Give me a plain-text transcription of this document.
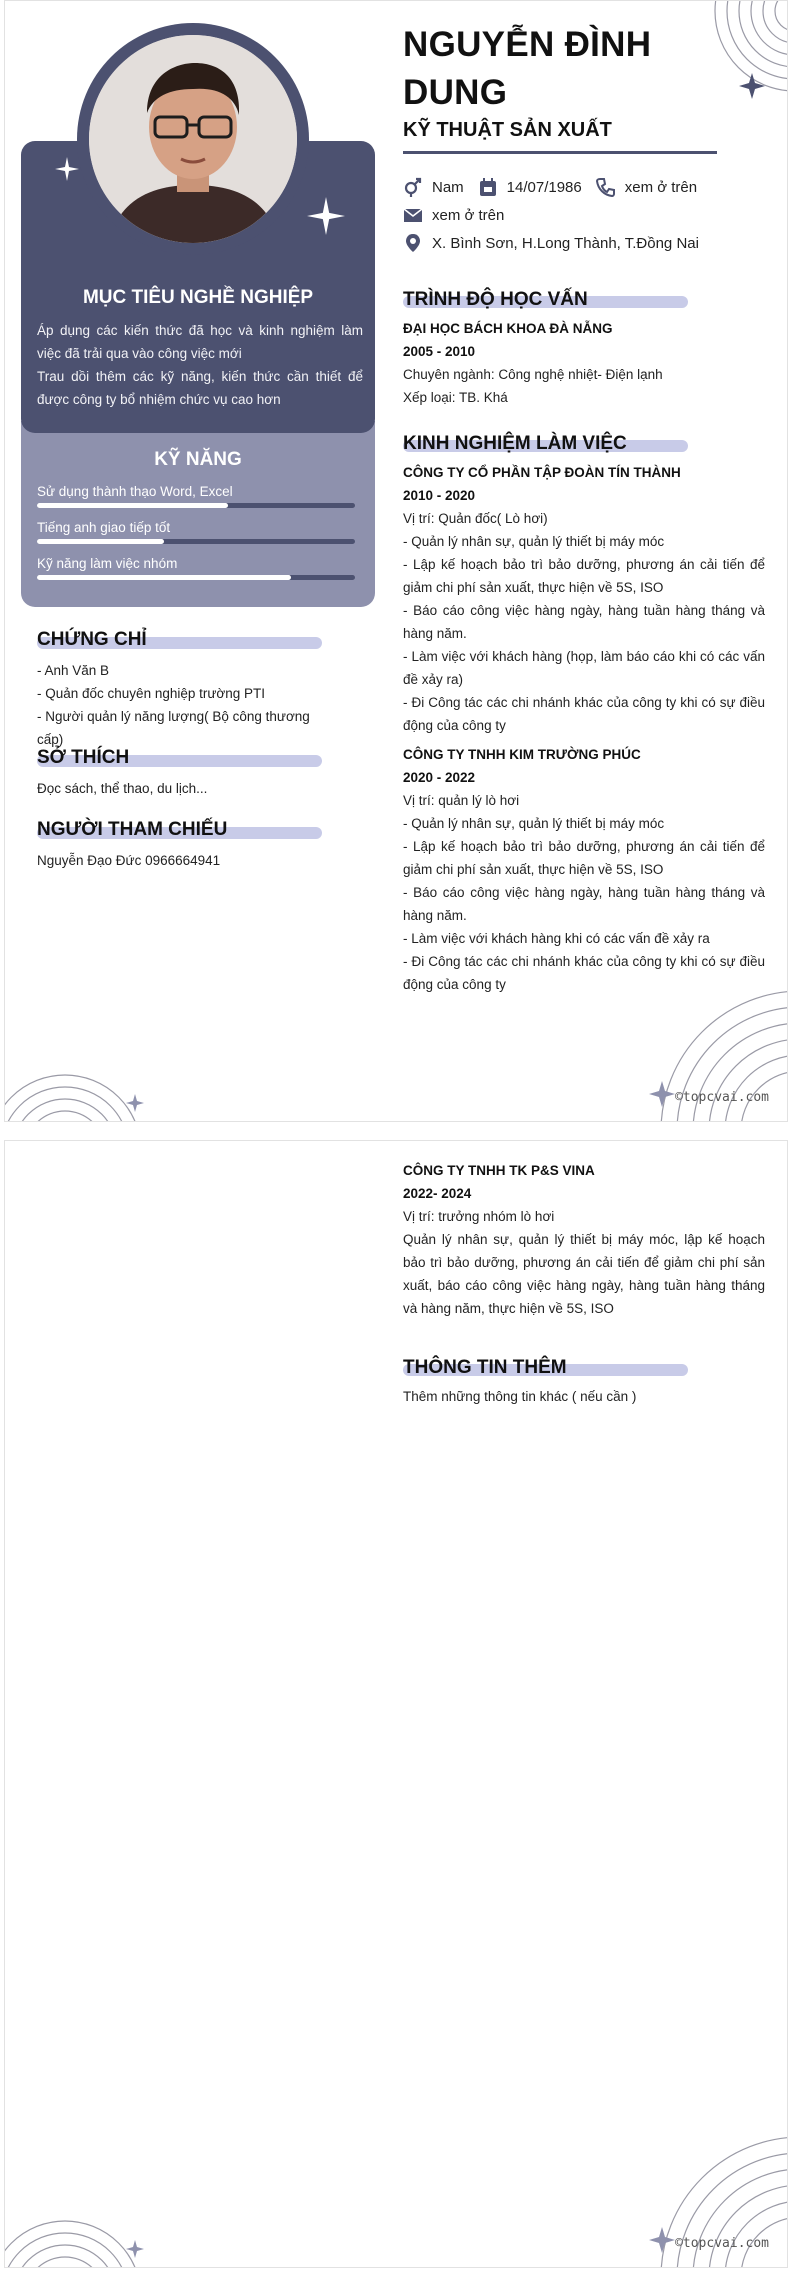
MỤC TIÊU NGHỀ NGHIỆP
Áp dụng các kiến thức đã học và kinh nghiệm làm việc đã trải qua vào công việc mới
Trau dồi thêm các kỹ năng, kiến thức cần thiết để được công ty bổ nhiệm chức vụ cao hơn
KỸ NĂNG
Sử dụng thành thạo Word, Excel
Tiếng anh giao tiếp tốt
Kỹ năng làm việc nhóm
CHỨNG CHỈ
- Anh Văn B
- Quản đốc chuyên nghiệp trường PTI
- Người quản lý năng lượng( Bộ công thương cấp)
SỞ THÍCH
Đọc sách, thể thao, du lịch...
NGƯỜI THAM CHIẾU
Nguyễn Đạo Đức 0966664941
NGUYỄN ĐÌNH DUNG
KỸ THUẬT SẢN XUẤT
Nam	14/07/1986	xem ở trên
xem ở trên
X. Bình Sơn, H.Long Thành, T.Đồng Nai
TRÌNH ĐỘ HỌC VẤN
ĐẠI HỌC BÁCH KHOA ĐÀ NẴNG
2005 - 2010
Chuyên ngành: Công nghệ nhiệt- Điện lạnh
Xếp loại: TB. Khá
KINH NGHIỆM LÀM VIỆC
CÔNG TY CỔ PHẦN TẬP ĐOÀN TÍN THÀNH
2010 - 2020
Vị trí: Quản đốc( Lò hơi)
- Quản lý nhân sự, quản lý thiết bị máy móc
- Lập kế hoạch bảo trì bảo dưỡng, phương án cải tiến để giảm chi phí sản xuất, thực hiện về 5S, ISO
- Báo cáo công việc hàng ngày, hàng tuần hàng tháng và hàng năm.
- Làm việc với khách hàng (họp, làm báo cáo khi có các vấn đề xảy ra)
- Đi Công tác các chi nhánh khác của công ty khi có sự điều động của công ty
CÔNG TY TNHH KIM TRƯỜNG PHÚC
2020 - 2022
Vị trí: quản lý lò hơi
- Quản lý nhân sự, quản lý thiết bị máy móc
- Lập kế hoạch bảo trì bảo dưỡng, phương án cải tiến để giảm chi phí sản xuất, thực hiện về 5S, ISO
- Báo cáo công việc hàng ngày, hàng tuần hàng tháng và hàng năm.
- Làm việc với khách hàng khi có các vấn đề xảy ra
- Đi Công tác các chi nhánh khác của công ty khi có sự điều động của công ty
©topcvai.com
CÔNG TY TNHH TK P&S VINA
2022- 2024
Vị trí: trưởng nhóm lò hơi
Quản lý nhân sự, quản lý thiết bị máy móc, lập kế hoạch bảo trì bảo dưỡng, phương án cải tiến để giảm chi phí sản xuất, báo cáo công việc hàng ngày, hàng tuần hàng tháng và hàng năm, thực hiện về 5S, ISO
THÔNG TIN THÊM
Thêm những thông tin khác ( nếu cần )
©topcvai.com
